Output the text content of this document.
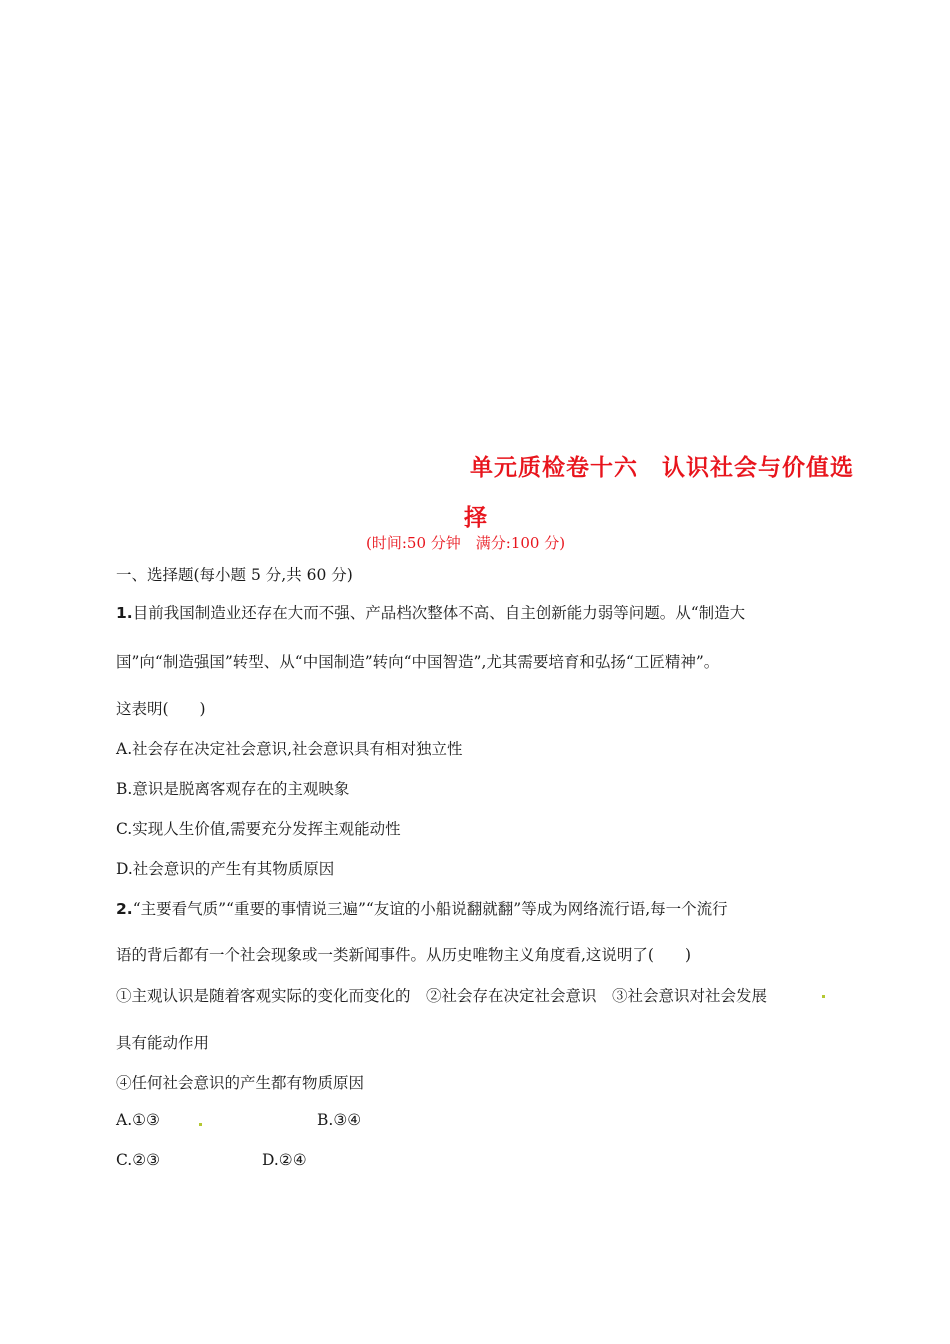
单元质检卷十六　认识社会与价值选
择
(时间:50 分钟　满分:100 分)
一、选择题(每小题 5 分,共 60 分)
1.目前我国制造业还存在大而不强、产品档次整体不高、自主创新能力弱等问题。从“制造大
国”向“制造强国”转型、从“中国制造”转向“中国智造”,尤其需要培育和弘扬“工匠精神”。
这表明(　　)
A.社会存在决定社会意识,社会意识具有相对独立性
B.意识是脱离客观存在的主观映象
C.实现人生价值,需要充分发挥主观能动性
D.社会意识的产生有其物质原因
2.“主要看气质”“重要的事情说三遍”“友谊的小船说翻就翻”等成为网络流行语,每一个流行
语的背后都有一个社会现象或一类新闻事件。从历史唯物主义角度看,这说明了(　　)
①主观认识是随着客观实际的变化而变化的　②社会存在决定社会意识　③社会意识对社会发展
具有能动作用
④任何社会意识的产生都有物质原因
A.①③	B.③④
C.②③	D.②④
